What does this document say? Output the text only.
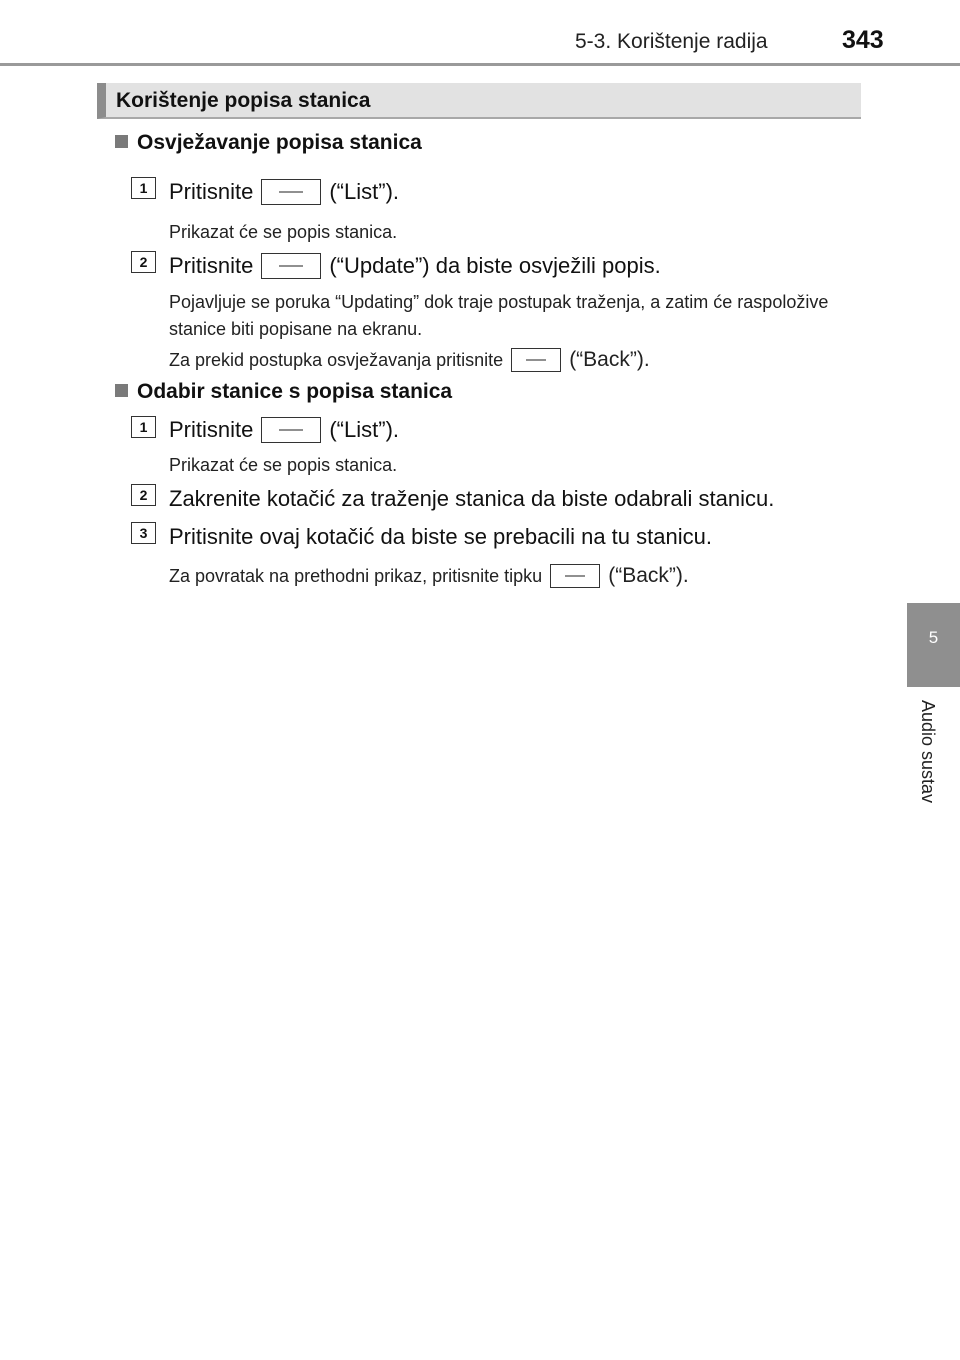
5-3. Korištenje radija	343
Korištenje popisa stanica
5
Audio sustav
Osvježavanje popisa stanica
1 Pritisnite	(“List”).
Prikazat će se popis stanica.
2 Pritisnite	(“Update”) da biste osvježili popis.
Pojavljuje se poruka “Updating” dok traje postupak traženja, a zatim će raspoložive stanice biti popisane na ekranu.
Za prekid postupka osvježavanja pritisnite	(“Back”).
Odabir stanice s popisa stanica
1 Pritisnite	(“List”).
Prikazat će se popis stanica.
2 Zakrenite kotačić za traženje stanica da biste odabrali stanicu.
3 Pritisnite ovaj kotačić da biste se prebacili na tu stanicu.
Za povratak na prethodni prikaz, pritisnite tipku	(“Back”).
